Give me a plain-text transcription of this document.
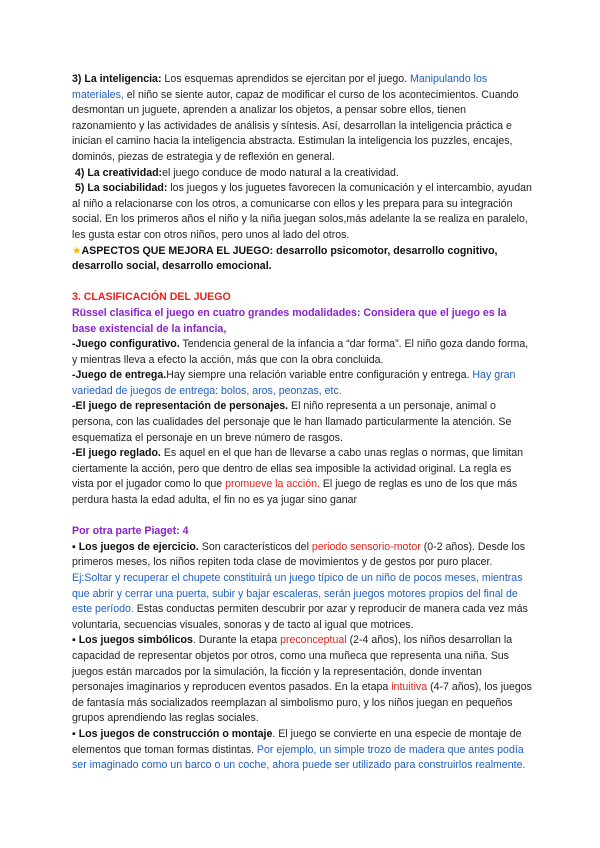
3) La inteligencia: Los esquemas aprendidos se ejercitan por el juego. Manipulando los materiales, el niño se siente autor, capaz de modificar el curso de los acontecimientos. Cuando desmontan un juguete, aprenden a analizar los objetos, a pensar sobre ellos, tienen razonamiento y las actividades de análisis y síntesis. Así, desarrollan la inteligencia práctica e inician el camino hacia la inteligencia abstracta. Estimulan la inteligencia los puzzles, encajes, dominós, piezas de estrategia y de reflexión en general.

4) La creatividad:el juego conduce de modo natural a la creatividad.

5) La sociabilidad: los juegos y los juguetes favorecen la comunicación y el intercambio, ayudan al niño a relacionarse con los otros, a comunicarse con ellos y les prepara para su integración social. En los primeros años el niño y la niña juegan solos,más adelante la se realiza en paralelo, les gusta estar con otros niños, pero unos al lado del otros.

★ASPECTOS QUE MEJORA EL JUEGO: desarrollo psicomotor, desarrollo cognitivo, desarrollo social, desarrollo emocional.

3. CLASIFICACIÓN DEL JUEGO

Rüssel clasifica el juego en cuatro grandes modalidades: Considera que el juego es la base existencial de la infancia,

-Juego configurativo. Tendencia general de la infancia a “dar forma”. El niño goza dando forma, y mientras lleva a efecto la acción, más que con la obra concluida.

-Juego de entrega.Hay siempre una relación variable entre configuración y entrega. Hay gran variedad de juegos de entrega: bolos, aros, peonzas, etc.

-El juego de representación de personajes. El niño representa a un personaje, animal o persona, con las cualidades del personaje que le han llamado particularmente la atención. Se esquematiza el personaje en un breve número de rasgos.

-El juego reglado. Es aquel en el que han de llevarse a cabo unas reglas o normas, que limitan ciertamente la acción, pero que dentro de ellas sea imposible la actividad original. La regla es vista por el jugador como lo que promueve la acción. El juego de reglas es uno de los que más perdura hasta la edad adulta, el fin no es ya jugar sino ganar

Por otra parte Piaget: 4

▪ Los juegos de ejercicio. Son característicos del periodo sensorio-motor (0-2 años). Desde los primeros meses, los niños repiten toda clase de movimientos y de gestos por puro placer. Ej:Soltar y recuperar el chupete constituirá un juego típico de un niño de pocos meses, mientras que abrir y cerrar una puerta, subir y bajar escaleras, serán juegos motores propios del final de este período. Estas conductas permiten descubrir por azar y reproducir de manera cada vez más voluntaria, secuencias visuales, sonoras y de tacto al igual que motrices.

▪ Los juegos simbólicos. Durante la etapa preconceptual (2-4 años), los niños desarrollan la capacidad de representar objetos por otros, como una muñeca que representa una niña. Sus juegos están marcados por la simulación, la ficción y la representación, donde inventan personajes imaginarios y reproducen eventos pasados. En la etapa intuitiva (4-7 años), los juegos de fantasía más socializados reemplazan al simbolismo puro, y los niños juegan en pequeños grupos aprendiendo las reglas sociales.

▪ Los juegos de construcción o montaje. El juego se convierte en una especie de montaje de elementos que toman formas distintas. Por ejemplo, un simple trozo de madera que antes podía ser imaginado como un barco o un coche, ahora puede ser utilizado para construirlos realmente.
